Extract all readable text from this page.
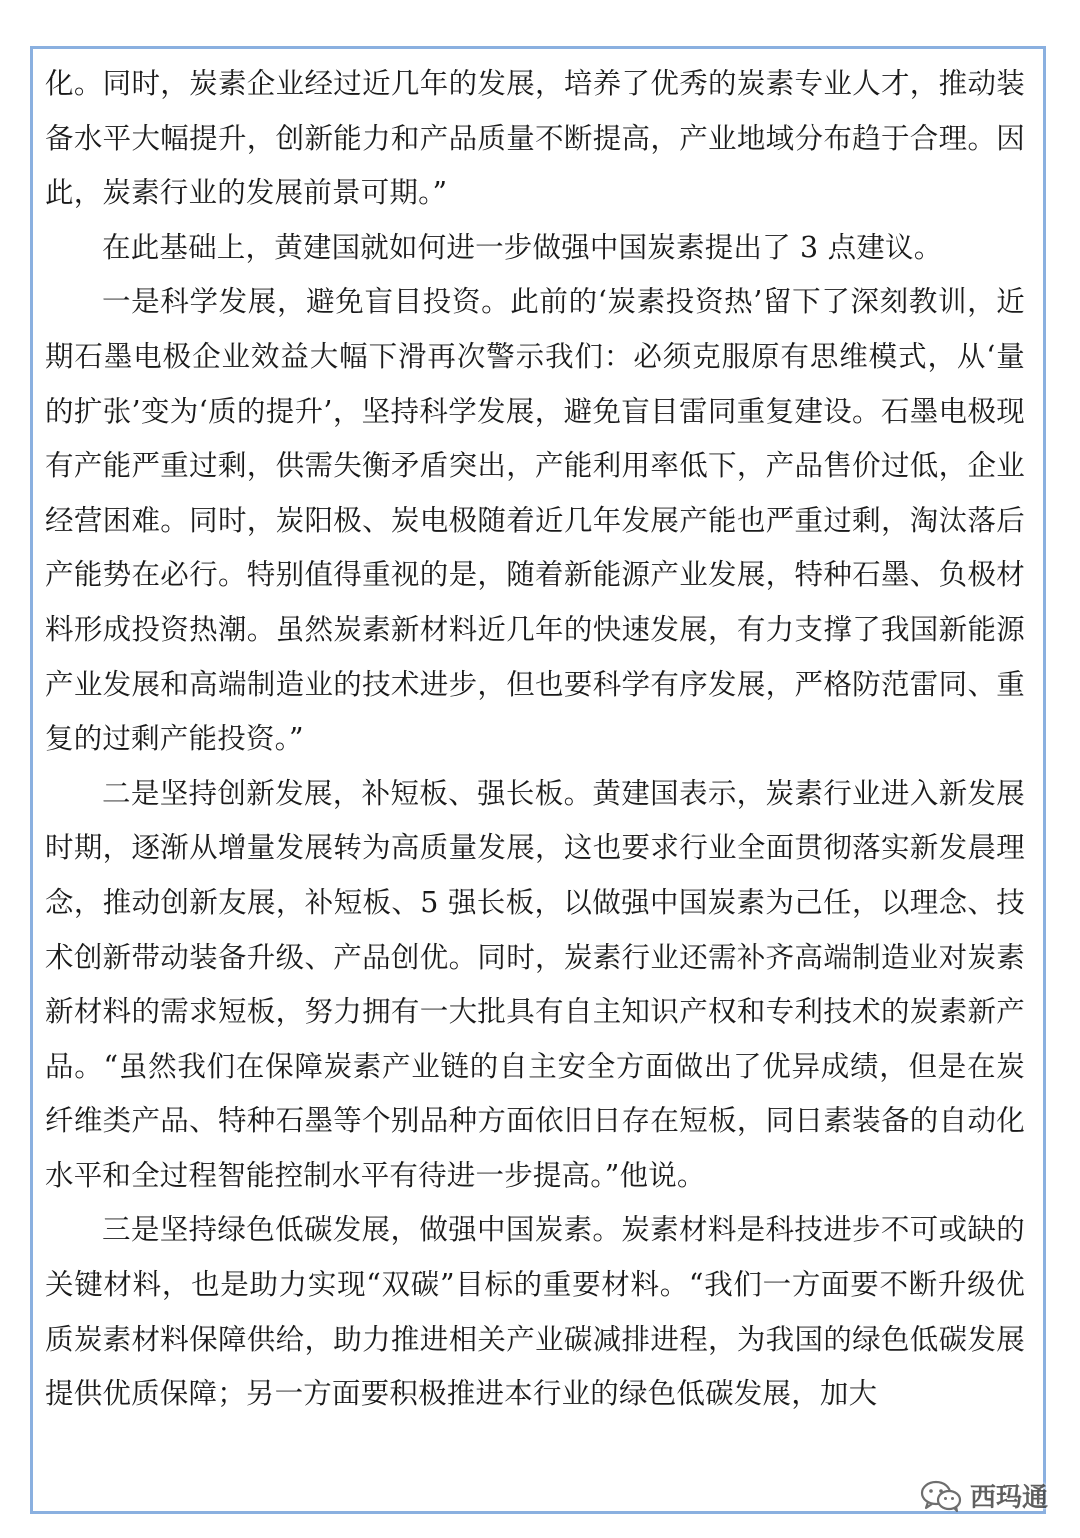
化。同时，炭素企业经过近几年的发展，培养了优秀的炭素专业人才，推动装备水平大幅提升，创新能力和产品质量不断提高，产业地域分布趋于合理。因此，炭素行业的发展前景可期。”

在此基础上，黄建国就如何进一步做强中国炭素提出了 3 点建议。

一是科学发展，避免盲目投资。此前的‘炭素投资热’留下了深刻教训，近期石墨电极企业效益大幅下滑再次警示我们：必须克服原有思维模式，从‘量的扩张’变为‘质的提升’，坚持科学发展，避免盲目雷同重复建设。石墨电极现有产能严重过剩，供需失衡矛盾突出，产能利用率低下，产品售价过低，企业经营困难。同时，炭阳极、炭电极随着近几年发展产能也严重过剩，淘汰落后产能势在必行。特别值得重视的是，随着新能源产业发展，特种石墨、负极材料形成投资热潮。虽然炭素新材料近几年的快速发展，有力支撑了我国新能源产业发展和高端制造业的技术进步，但也要科学有序发展，严格防范雷同、重复的过剩产能投资。”

二是坚持创新发展，补短板、强长板。黄建国表示，炭素行业进入新发展时期，逐渐从增量发展转为高质量发展，这也要求行业全面贯彻落实新发晨理念，推动创新友展，补短板、5 强长板，以做强中国炭素为己任，以理念、技术创新带动装备升级、产品创优。同时，炭素行业还需补齐高端制造业对炭素新材料的需求短板，努力拥有一大批具有自主知识产权和专利技术的炭素新产品。“虽然我们在保障炭素产业链的自主安全方面做出了优异成绩，但是在炭纤维类产品、特种石墨等个别品种方面依旧日存在短板，同日素装备的自动化水平和全过程智能控制水平有待进一步提高。”他说。

三是坚持绿色低碳发展，做强中国炭素。炭素材料是科技进步不可或缺的关键材料，也是助力实现“双碳”目标的重要材料。“我们一方面要不断升级优质炭素材料保障供给，助力推进相关产业碳减排进程，为我国的绿色低碳发展提供优质保障；另一方面要积极推进本行业的绿色低碳发展，加大

西玛通
